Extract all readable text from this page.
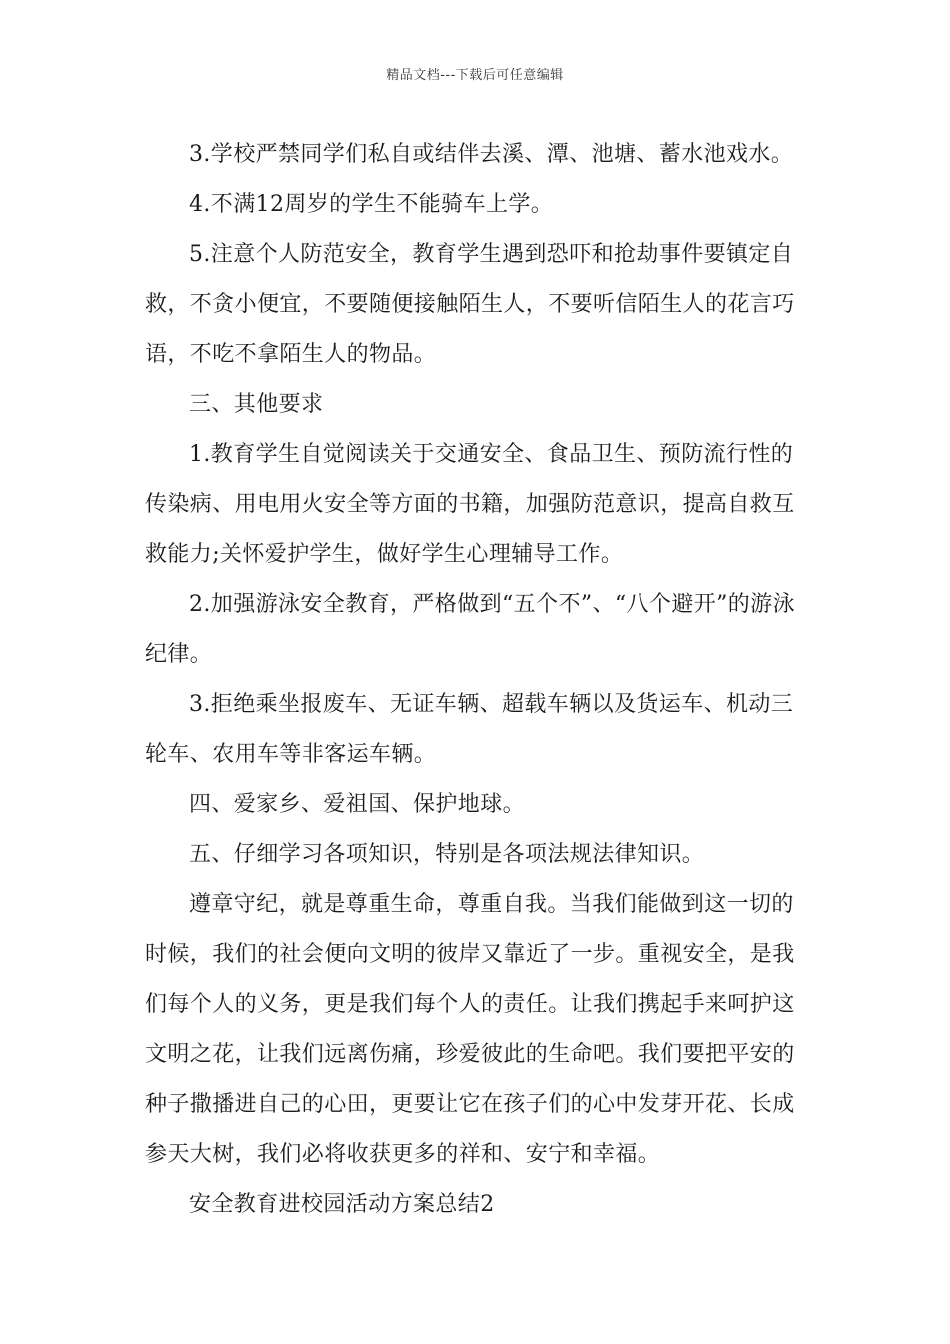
精品文档---下载后可任意编辑

3.学校严禁同学们私自或结伴去溪、潭、池塘、蓄水池戏水。

4.不满12周岁的学生不能骑车上学。

5.注意个人防范安全，教育学生遇到恐吓和抢劫事件要镇定自救，不贪小便宜，不要随便接触陌生人，不要听信陌生人的花言巧语，不吃不拿陌生人的物品。

三、其他要求

1.教育学生自觉阅读关于交通安全、食品卫生、预防流行性的传染病、用电用火安全等方面的书籍，加强防范意识，提高自救互救能力;关怀爱护学生，做好学生心理辅导工作。

2.加强游泳安全教育，严格做到“五个不”、“八个避开”的游泳纪律。

3.拒绝乘坐报废车、无证车辆、超载车辆以及货运车、机动三轮车、农用车等非客运车辆。

四、爱家乡、爱祖国、保护地球。

五、仔细学习各项知识，特别是各项法规法律知识。

遵章守纪，就是尊重生命，尊重自我。当我们能做到这一切的时候，我们的社会便向文明的彼岸又靠近了一步。重视安全，是我们每个人的义务，更是我们每个人的责任。让我们携起手来呵护这文明之花，让我们远离伤痛，珍爱彼此的生命吧。我们要把平安的种子撒播进自己的心田，更要让它在孩子们的心中发芽开花、长成参天大树，我们必将收获更多的祥和、安宁和幸福。

安全教育进校园活动方案总结2
